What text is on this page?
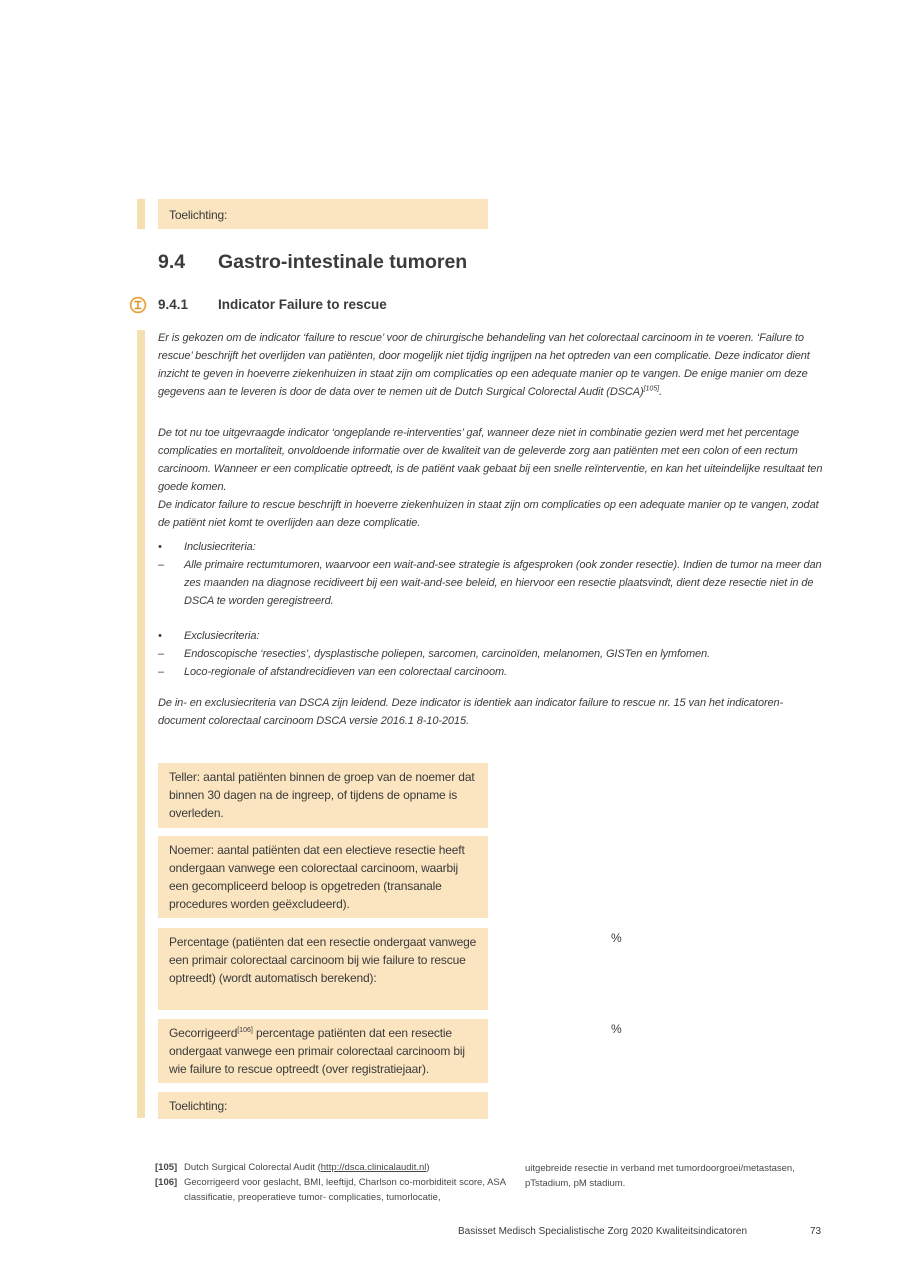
Toelichting:
9.4 Gastro-intestinale tumoren
9.4.1 Indicator Failure to rescue

Er is gekozen om de indicator ‘failure to rescue’ voor de chirurgische behandeling van het colorectaal carcinoom in te voeren. ‘Failure to rescue’ beschrijft het overlijden van patiënten, door mogelijk niet tijdig ingrijpen na het optreden van een complicatie. Deze indicator dient inzicht te geven in hoeverre ziekenhuizen in staat zijn om complicaties op een adequate manier op te vangen. De enige manier om deze gegevens aan te leveren is door de data over te nemen uit de Dutch Surgical Colorectal Audit (DSCA)[105].

De tot nu toe uitgevraagde indicator ‘ongeplande re-interventies’ gaf, wanneer deze niet in combinatie gezien werd met het percentage complicaties en mortaliteit, onvoldoende informatie over de kwaliteit van de geleverde zorg aan patiënten met een colon of een rectum carcinoom. Wanneer er een complicatie optreedt, is de patiënt vaak gebaat bij een snelle reïnterventie, en kan het uiteindelijke resultaat ten goede komen.

De indicator failure to rescue beschrijft in hoeverre ziekenhuizen in staat zijn om complicaties op een adequate manier op te vangen, zodat de patiënt niet komt te overlijden aan deze complicatie.

•	Inclusiecriteria:
–	Alle primaire rectumtumoren, waarvoor een wait-and-see strategie is afgesproken (ook zonder resectie). Indien de tumor na meer dan zes maanden na diagnose recidiveert bij een wait-and-see beleid, en hiervoor een resectie plaatsvindt, dient deze resectie niet in de DSCA te worden geregistreerd.
•	Exclusiecriteria:
–	Endoscopische ‘resecties’, dysplastische poliepen, sarcomen, carcinoïden, melanomen, GISTen en lymfomen.
–	Loco-regionale of afstandrecidieven van een colorectaal carcinoom.

De in- en exclusiecriteria van DSCA zijn leidend. Deze indicator is identiek aan indicator failure to rescue nr. 15 van het indicatoren-document colorectaal carcinoom DSCA versie 2016.1 8-10-2015.

Teller: aantal patiënten binnen de groep van de noemer dat binnen 30 dagen na de ingreep, of tijdens de opname is overleden.
Noemer: aantal patiënten dat een electieve resectie heeft ondergaan vanwege een colorectaal carcinoom, waarbij een gecompliceerd beloop is opgetreden (transanale procedures worden geëxcludeerd).
Percentage (patiënten dat een resectie ondergaat vanwege een primair colorectaal carcinoom bij wie failure to rescue optreedt) (wordt automatisch berekend):
%
Gecorrigeerd[106] percentage patiënten dat een resectie ondergaat vanwege een primair colorectaal carcinoom bij wie failure to rescue optreedt (over registratiejaar).
%
Toelichting:
[105] Dutch Surgical Colorectal Audit (http://dsca.clinicalaudit.nl)
[106] Gecorrigeerd voor geslacht, BMI, leeftijd, Charlson co-morbiditeit score, ASA classificatie, preoperatieve tumor- complicaties, tumorlocatie,
uitgebreide resectie in verband met tumordoorgroei/metastasen, pTstadium, pM stadium.
Basisset Medisch Specialistische Zorg 2020 Kwaliteitsindicatoren	73
